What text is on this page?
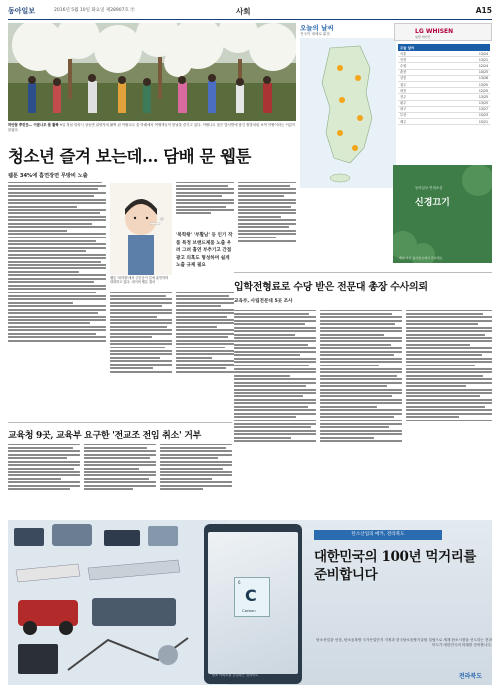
동아일보	2016년 5월 10일 화요일 제28907호 ㉭	사회	A15
하얀꽃 뿌린듯… 이팝나무 꽃 활짝 9일 경남 밀양시 상동면 위양지에 활짝 핀 이팝나무 꽃 아래에서 여행객들이 봄날을 즐기고 있다. 이팝나무 꽃은 밥사발에 담긴 쌀밥처럼 보여 이팝이라는 이름이 붙었다.
청소년 즐겨 보는데… 담배 문 웹툰
웹툰 34%에 흡연장면 무방비 노출
웹툰 '복학왕'에서 주인공이 길에 흡연하며 대화하고 있다. 네이버 웹툰 캡처
'복학왕' '부활남' 등 인기 작품 특정 브랜드제품 노출 우려 그려 흡연 부추기고 간접광고 의혹도 형성하며 쉽게 노출 규제 필요
오늘의 날씨
전국이 대체로 맑음	LG WHISEN
휘센 에어컨
오늘 날씨
서울	13/24
인천	13/21
수원	12/24
춘천	10/25
강릉	13/26
청주	13/25
대전	12/25
전주	13/25
광주	13/25
대구	13/27
부산	15/23
제주	15/21
동아일보 연재소설
신경끄기
매일 아침 동아일보에서 만나세요
입학전형료로 수당 받은 전문대 총장 수사의뢰
교육부, 사립전문대 5곳 조사
교육청 9곳, 교육부 요구한 '전교조 전임 취소' 거부
6
C
Carbon
탄소 아파트를 건설하는 전라북도
탄소산업의 메카, 전라북도
대한민국의 100년 먹거리를 준비합니다
탄소산업을 선점, 탄소융복합 국가산업단지 지정과 한국탄소융합기술원 설립으로 세계 탄소시장을 선도하는 전라북도가 대한민국의 미래를 준비합니다.
전라북도
